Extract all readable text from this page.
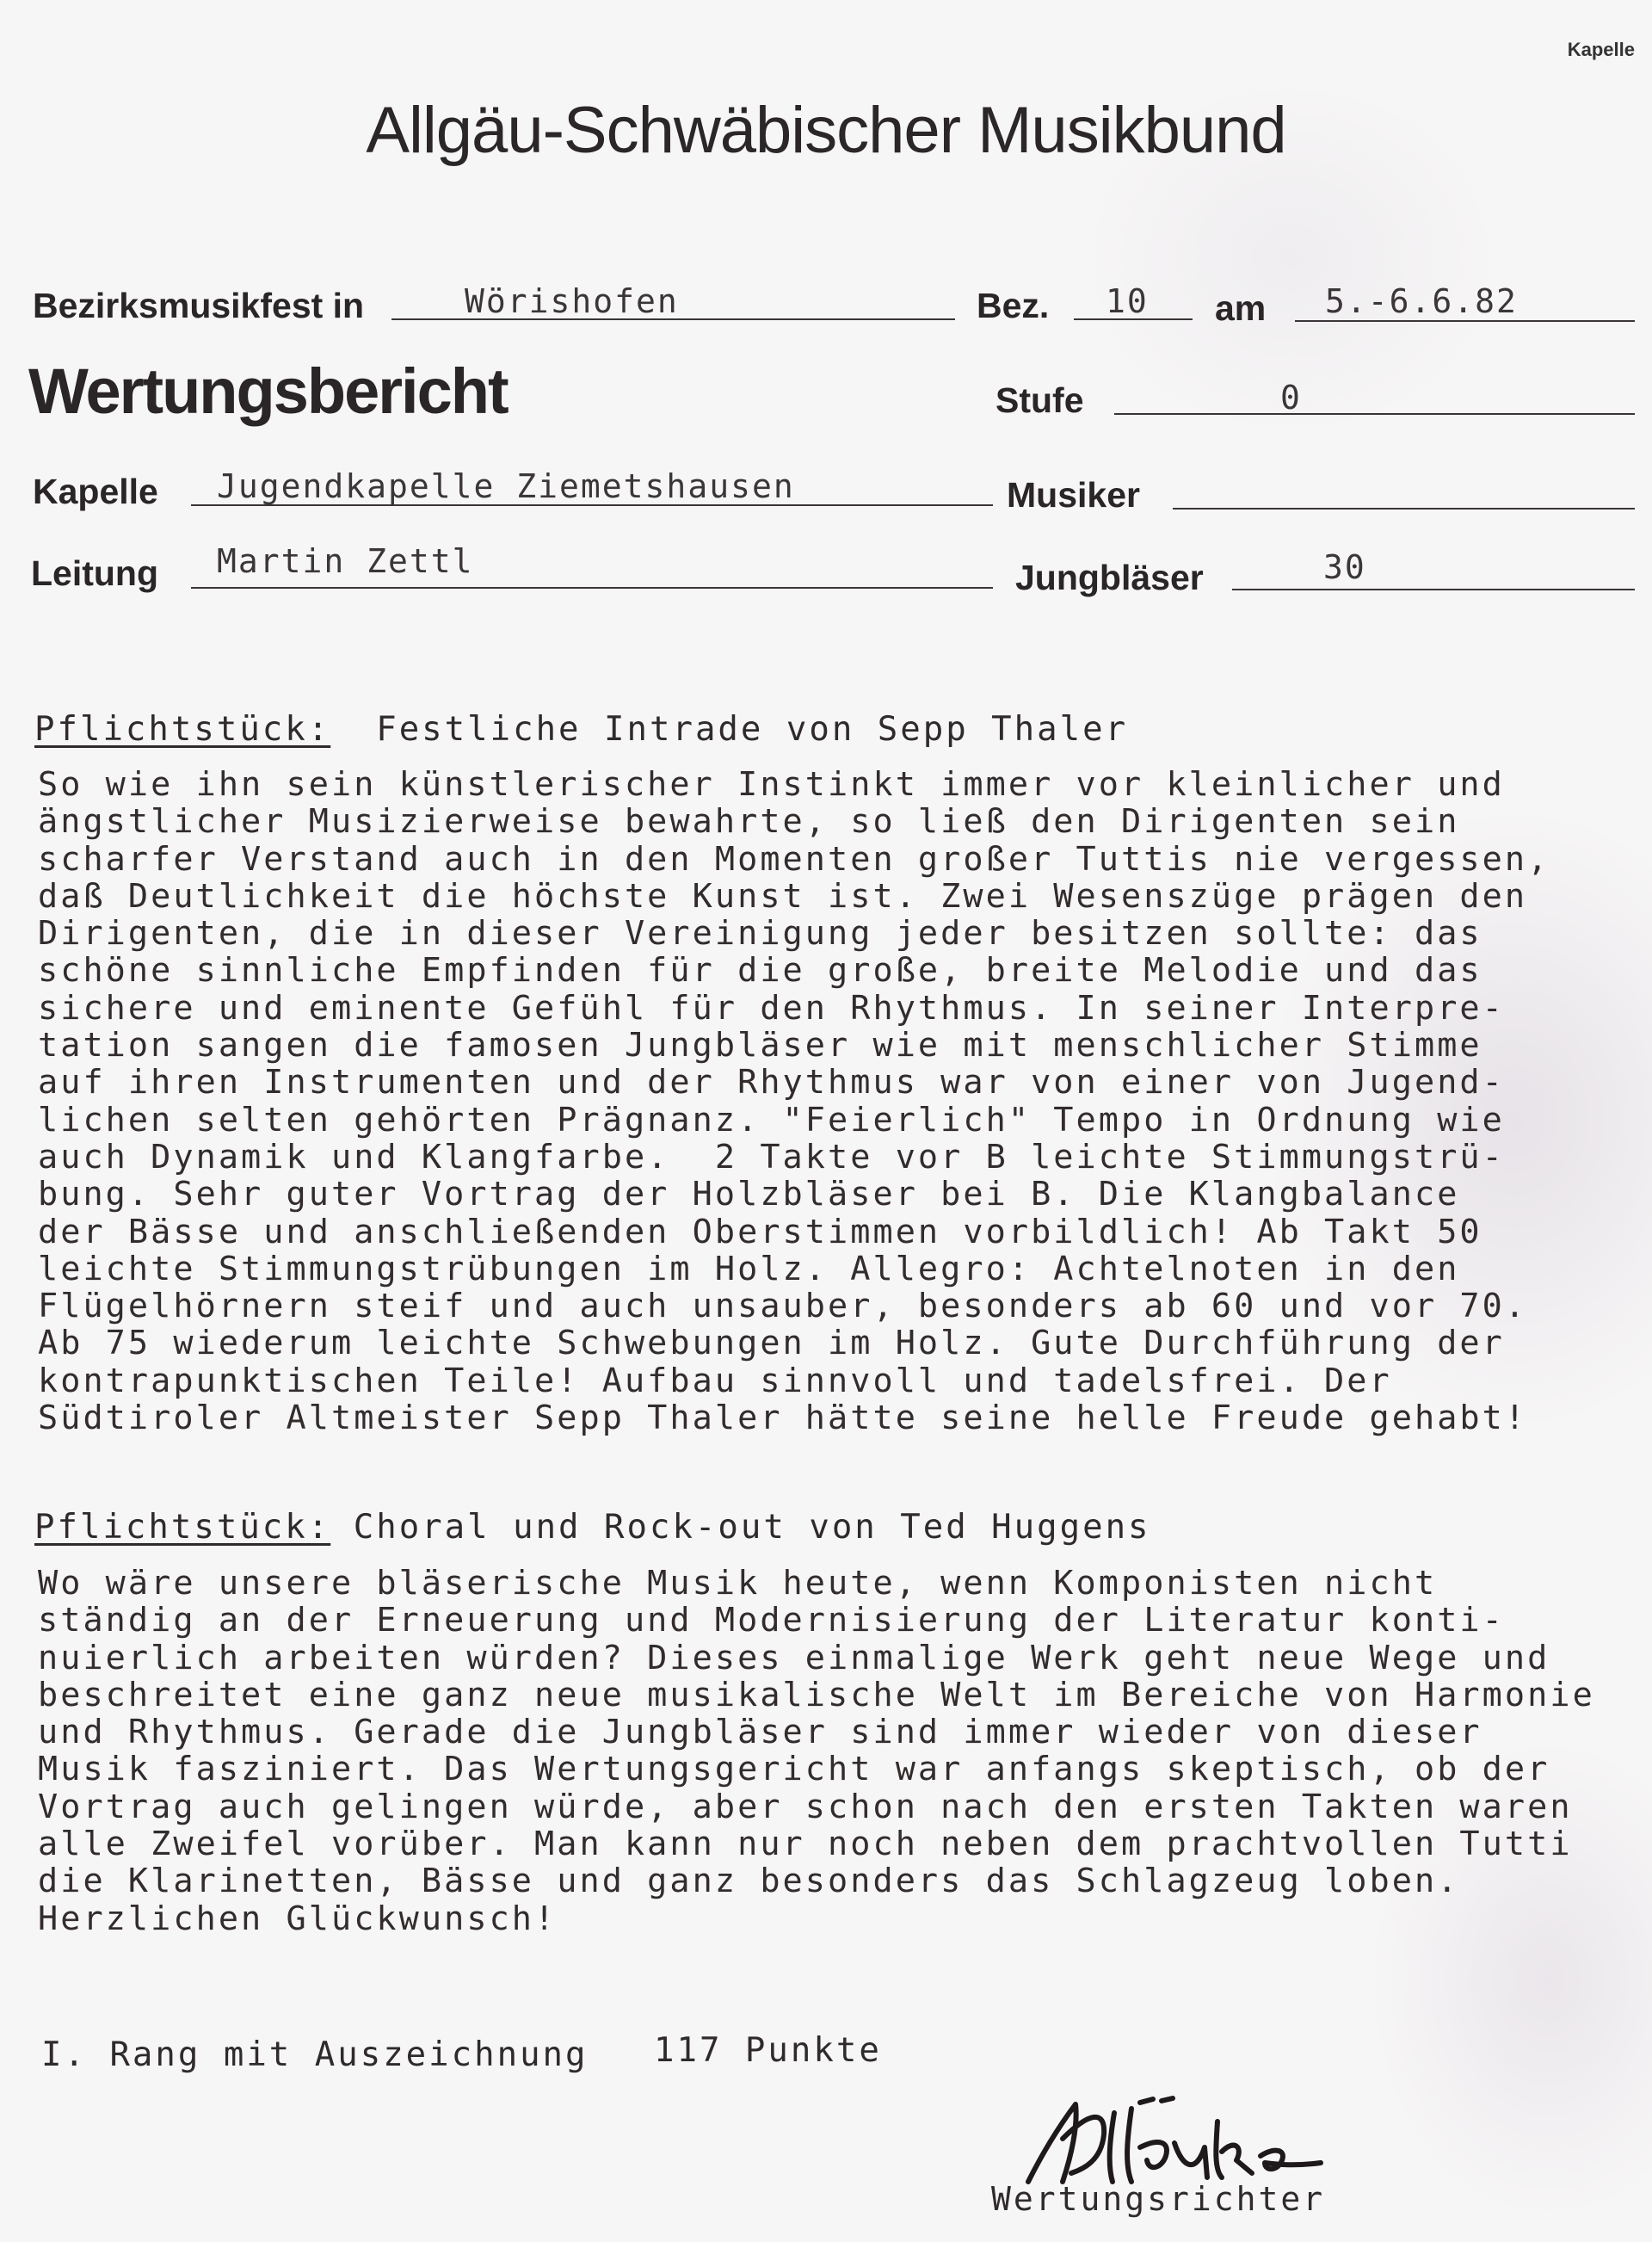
Kapelle
Allgäu-Schwäbischer Musikbund
Bezirksmusikfest in	Wörishofen	Bez. 10 am 5.-6.6.82
Wertungsbericht	Stufe	0
Kapelle Jugendkapelle Ziemetshausen	Musiker
Leitung Martin Zettl	Jungbläser	30
Pflichtstück: Festliche Intrade von Sepp Thaler
So wie ihn sein künstlerischer Instinkt immer vor kleinlicher und
ängstlicher Musizierweise bewahrte, so ließ den Dirigenten sein
scharfer Verstand auch in den Momenten großer Tuttis nie vergessen,
daß Deutlichkeit die höchste Kunst ist. Zwei Wesenszüge prägen den
Dirigenten, die in dieser Vereinigung jeder besitzen sollte: das
schöne sinnliche Empfinden für die große, breite Melodie und das
sichere und eminente Gefühl für den Rhythmus. In seiner Interpre-
tation sangen die famosen Jungbläser wie mit menschlicher Stimme
auf ihren Instrumenten und der Rhythmus war von einer von Jugend-
lichen selten gehörten Prägnanz. "Feierlich" Tempo in Ordnung wie
auch Dynamik und Klangfarbe.  2 Takte vor B leichte Stimmungstrü-
bung. Sehr guter Vortrag der Holzbläser bei B. Die Klangbalance
der Bässe und anschließenden Oberstimmen vorbildlich! Ab Takt 50
leichte Stimmungstrübungen im Holz. Allegro: Achtelnoten in den
Flügelhörnern steif und auch unsauber, besonders ab 60 und vor 70.
Ab 75 wiederum leichte Schwebungen im Holz. Gute Durchführung der
kontrapunktischen Teile! Aufbau sinnvoll und tadelsfrei. Der
Südtiroler Altmeister Sepp Thaler hätte seine helle Freude gehabt!
Pflichtstück: Choral und Rock-out von Ted Huggens
Wo wäre unsere bläserische Musik heute, wenn Komponisten nicht
ständig an der Erneuerung und Modernisierung der Literatur konti-
nuierlich arbeiten würden? Dieses einmalige Werk geht neue Wege und
beschreitet eine ganz neue musikalische Welt im Bereiche von Harmonie
und Rhythmus. Gerade die Jungbläser sind immer wieder von dieser
Musik fasziniert. Das Wertungsgericht war anfangs skeptisch, ob der
Vortrag auch gelingen würde, aber schon nach den ersten Takten waren
alle Zweifel vorüber. Man kann nur noch neben dem prachtvollen Tutti
die Klarinetten, Bässe und ganz besonders das Schlagzeug loben.
Herzlichen Glückwunsch!
I. Rang mit Auszeichnung 117 Punkte
Wertungsrichter
